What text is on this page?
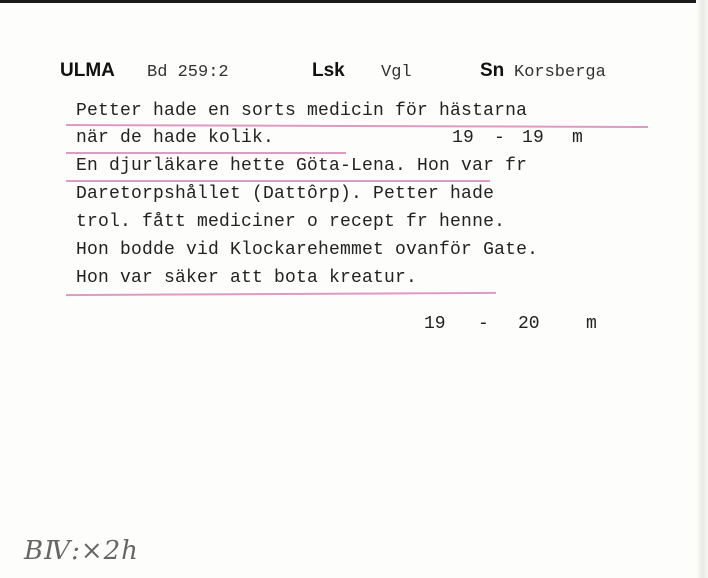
ULMA Bd 259:2	Lsk Vgl	Sn Korsberga
Petter hade en sorts medicin för hästarna
när de hade kolik.	19 - 19 m
En djurläkare hette Göta-Lena. Hon var fr
Daretorpshållet (Dattôrp). Petter hade
trol. fått mediciner o recept fr henne.
Hon bodde vid Klockarehemmet ovanför Gate.
Hon var säker att bota kreatur.
19 - 20	m
BⅣ:×2h
